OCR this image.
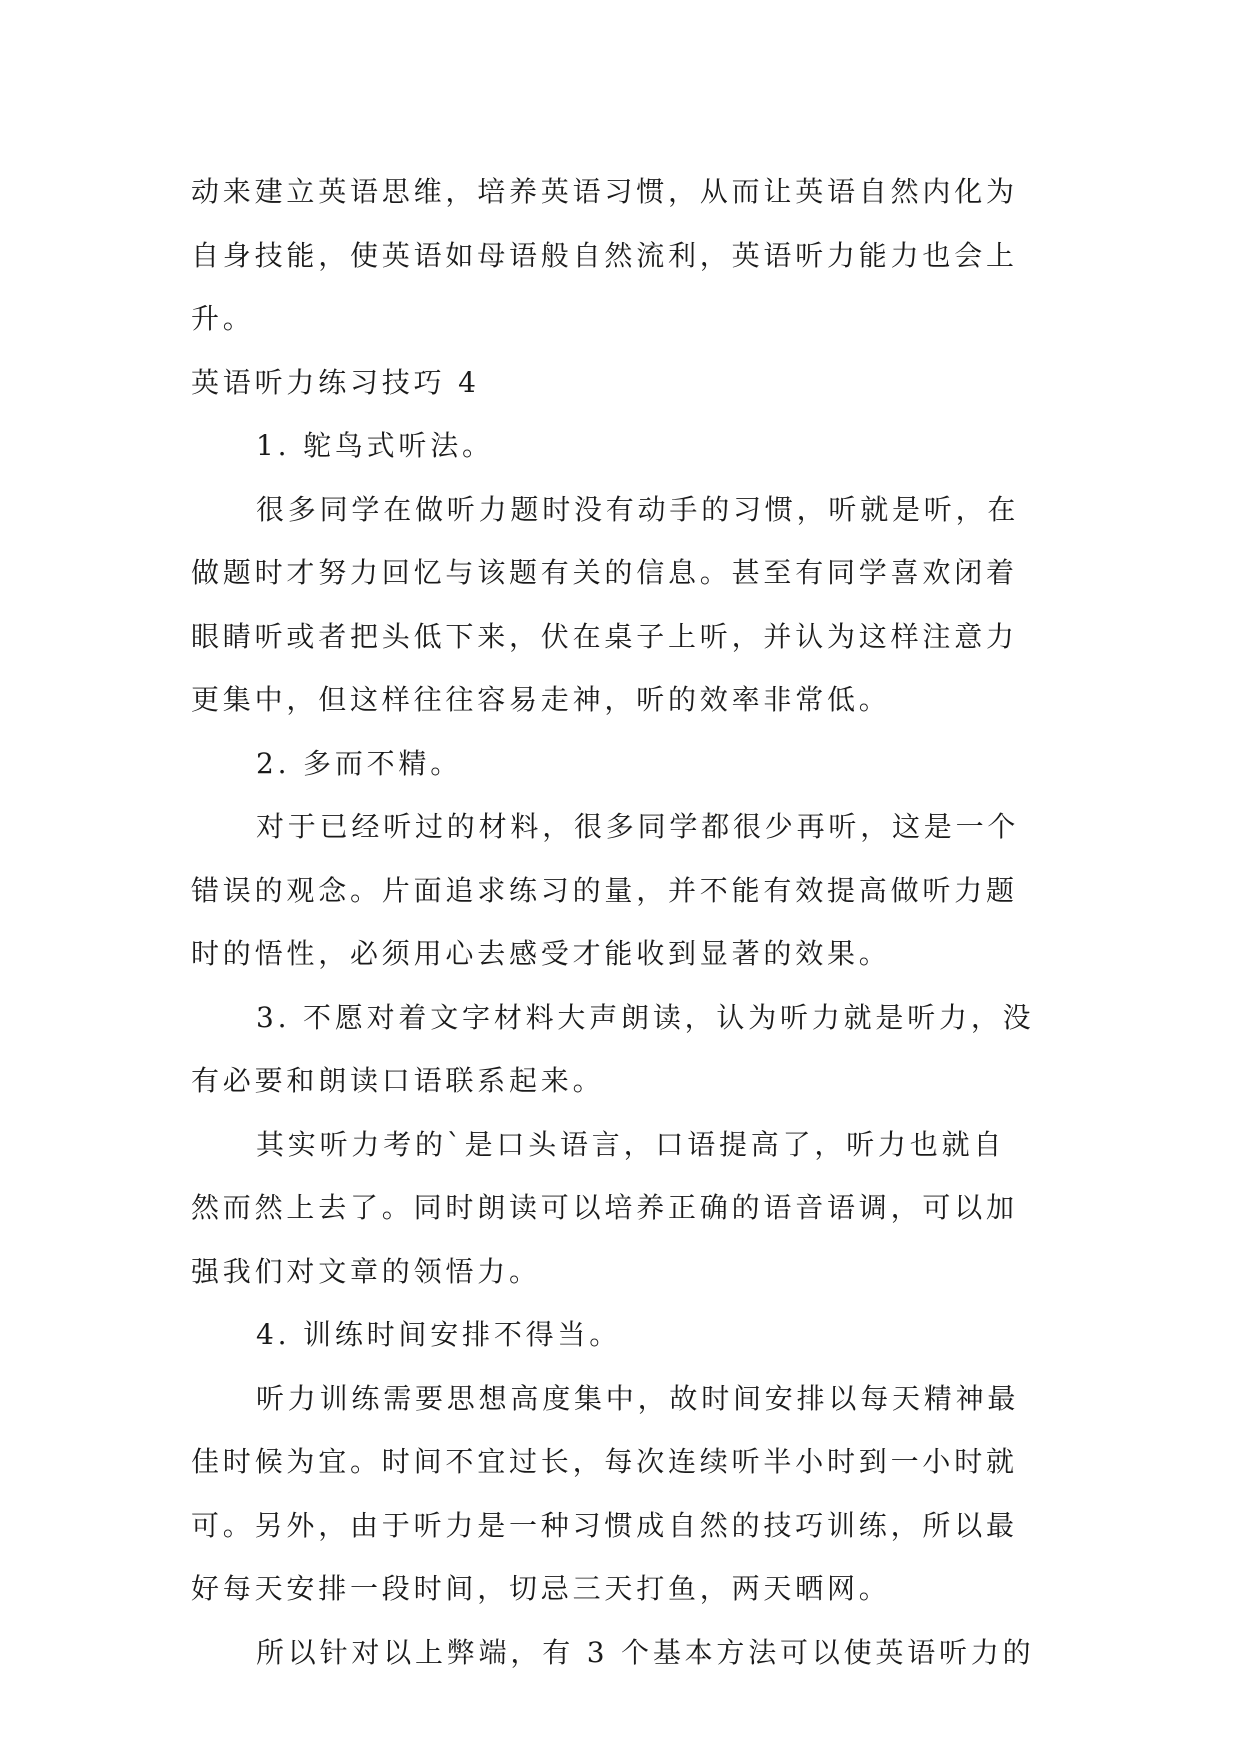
动来建立英语思维，培养英语习惯，从而让英语自然内化为
自身技能，使英语如母语般自然流利，英语听力能力也会上
升。
英语听力练习技巧 4
1. 鸵鸟式听法。
很多同学在做听力题时没有动手的习惯，听就是听，在
做题时才努力回忆与该题有关的信息。甚至有同学喜欢闭着
眼睛听或者把头低下来，伏在桌子上听，并认为这样注意力
更集中，但这样往往容易走神，听的效率非常低。
2. 多而不精。
对于已经听过的材料，很多同学都很少再听，这是一个
错误的观念。片面追求练习的量，并不能有效提高做听力题
时的悟性，必须用心去感受才能收到显著的效果。
3. 不愿对着文字材料大声朗读，认为听力就是听力，没
有必要和朗读口语联系起来。
其实听力考的`是口头语言，口语提高了，听力也就自
然而然上去了。同时朗读可以培养正确的语音语调，可以加
强我们对文章的领悟力。
4. 训练时间安排不得当。
听力训练需要思想高度集中，故时间安排以每天精神最
佳时候为宜。时间不宜过长，每次连续听半小时到一小时就
可。另外，由于听力是一种习惯成自然的技巧训练，所以最
好每天安排一段时间，切忌三天打鱼，两天晒网。
所以针对以上弊端，有 3 个基本方法可以使英语听力的
